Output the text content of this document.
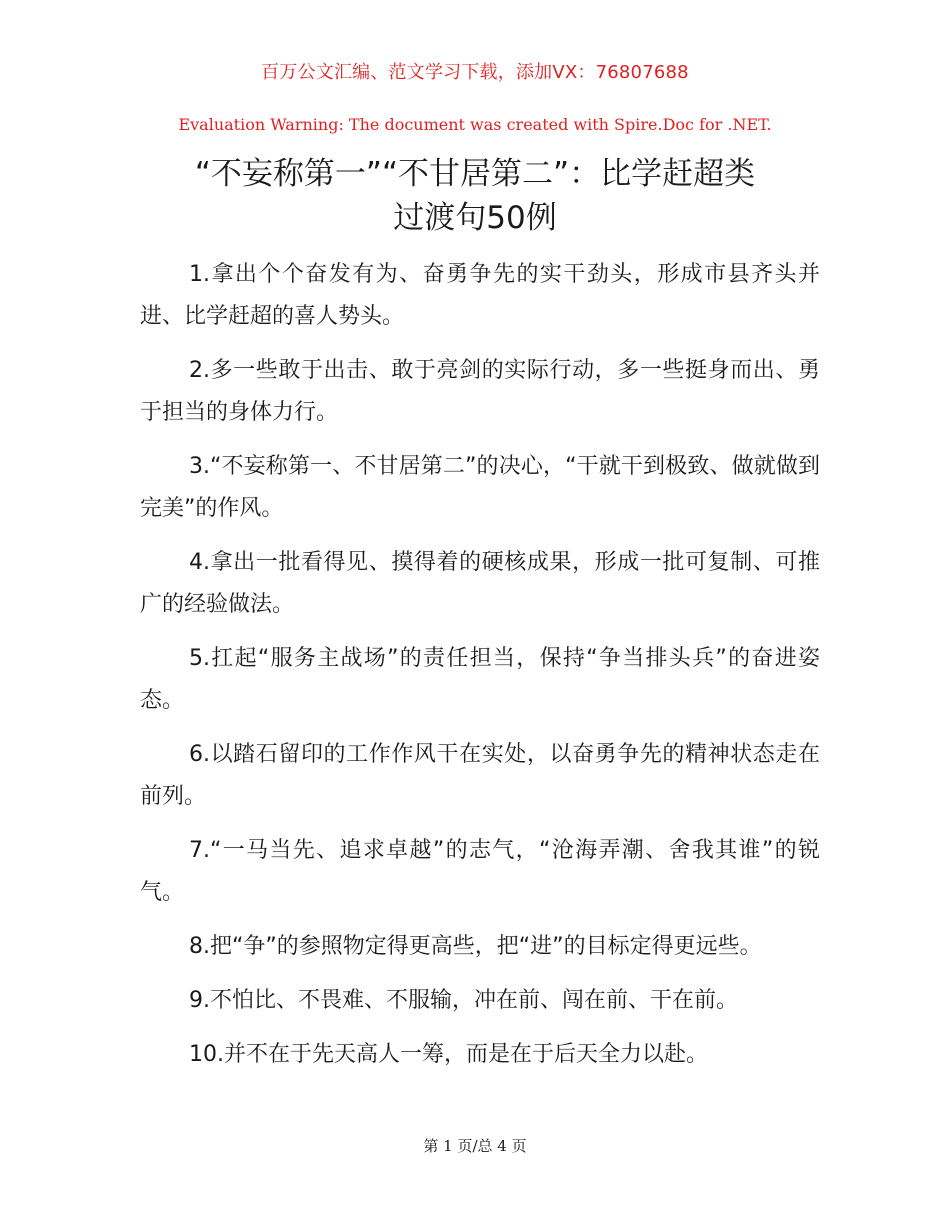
百万公文汇编、范文学习下载，添加VX：76807688
Evaluation Warning: The document was created with Spire.Doc for .NET.
“不妄称第一”“不甘居第二”：比学赶超类
过渡句50例

1.拿出个个奋发有为、奋勇争先的实干劲头，形成市县齐头并进、比学赶超的喜人势头。

2.多一些敢于出击、敢于亮剑的实际行动，多一些挺身而出、勇于担当的身体力行。

3.“不妄称第一、不甘居第二”的决心，“干就干到极致、做就做到完美”的作风。

4.拿出一批看得见、摸得着的硬核成果，形成一批可复制、可推广的经验做法。

5.扛起“服务主战场”的责任担当，保持“争当排头兵”的奋进姿态。

6.以踏石留印的工作作风干在实处，以奋勇争先的精神状态走在前列。

7.“一马当先、追求卓越”的志气，“沧海弄潮、舍我其谁”的锐气。

8.把“争”的参照物定得更高些，把“进”的目标定得更远些。

9.不怕比、不畏难、不服输，冲在前、闯在前、干在前。

10.并不在于先天高人一筹，而是在于后天全力以赴。

第 1 页/总 4 页
